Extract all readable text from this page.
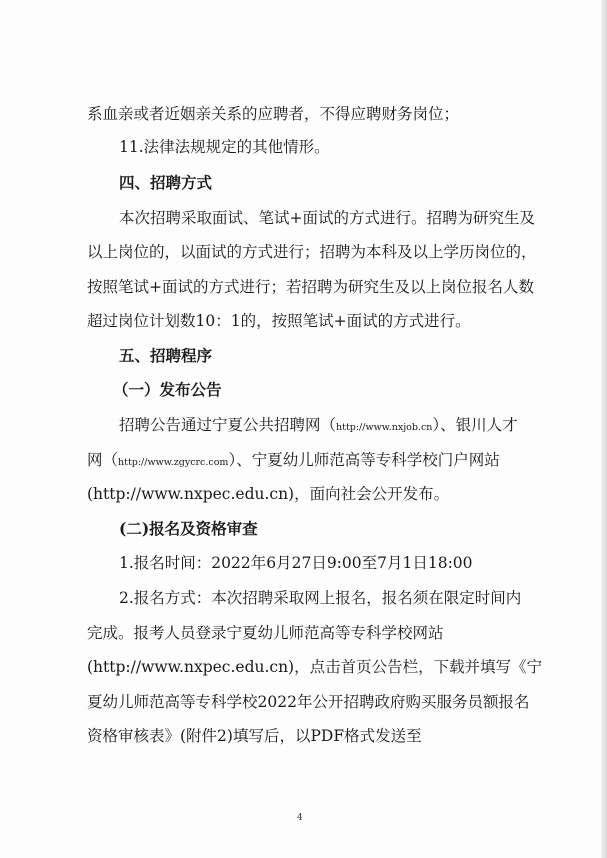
系血亲或者近姻亲关系的应聘者，不得应聘财务岗位；
11.法律法规规定的其他情形。
四、招聘方式
本次招聘采取面试、笔试+面试的方式进行。招聘为研究生及
以上岗位的，以面试的方式进行；招聘为本科及以上学历岗位的，
按照笔试+面试的方式进行；若招聘为研究生及以上岗位报名人数
超过岗位计划数10：1的，按照笔试+面试的方式进行。
五、招聘程序
（一）发布公告
招聘公告通过宁夏公共招聘网（http://www.nxjob.cn）、银川人才
网（http://www.zgycrc.com）、宁夏幼儿师范高等专科学校门户网站
(http://www.nxpec.edu.cn)，面向社会公开发布。
(二)报名及资格审查
1.报名时间：2022年6月27日9:00至7月1日18:00
2.报名方式：本次招聘采取网上报名，报名须在限定时间内
完成。报考人员登录宁夏幼儿师范高等专科学校网站
(http://www.nxpec.edu.cn)，点击首页公告栏，下载并填写《宁
夏幼儿师范高等专科学校2022年公开招聘政府购买服务员额报名
资格审核表》(附件2)填写后，以PDF格式发送至
4
